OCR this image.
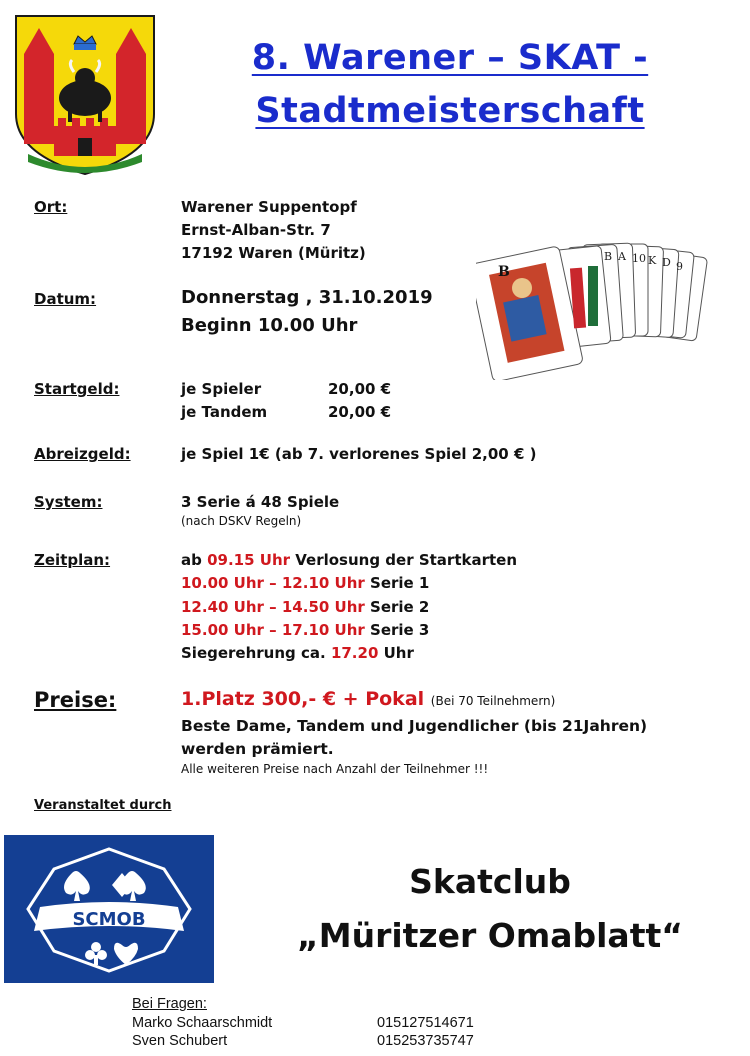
8. Warener – SKAT -
Stadtmeisterschaft
Ort:	Warener Suppentopf
Ernst-Alban-Str. 7
17192 Waren (Müritz)	B A 10 K D 9
B
Datum:	Donnerstag , 31.10.2019
Beginn 10.00 Uhr
Startgeld:	je Spieler	20,00 €
je Tandem	20,00 €
Abreizgeld:	je Spiel 1€ (ab 7. verlorenes Spiel 2,00 € )
System:	3 Serie á 48 Spiele
(nach DSKV Regeln)
Zeitplan:	ab 09.15 Uhr Verlosung der Startkarten
10.00 Uhr – 12.10 Uhr Serie 1
12.40 Uhr – 14.50 Uhr Serie 2
15.00 Uhr – 17.10 Uhr Serie 3
Siegerehrung ca. 17.20 Uhr
Preise:	1.Platz 300,- € + Pokal (Bei 70 Teilnehmern)
Beste Dame, Tandem und Jugendlicher (bis 21Jahren)
werden prämiert.
Alle weiteren Preise nach Anzahl der Teilnehmer !!!
Veranstaltet durch
SCMOB
Skatclub
„Müritzer Omablatt“
Bei Fragen:
Marko Schaarschmidt	015127514671
Sven Schubert	015253735747
